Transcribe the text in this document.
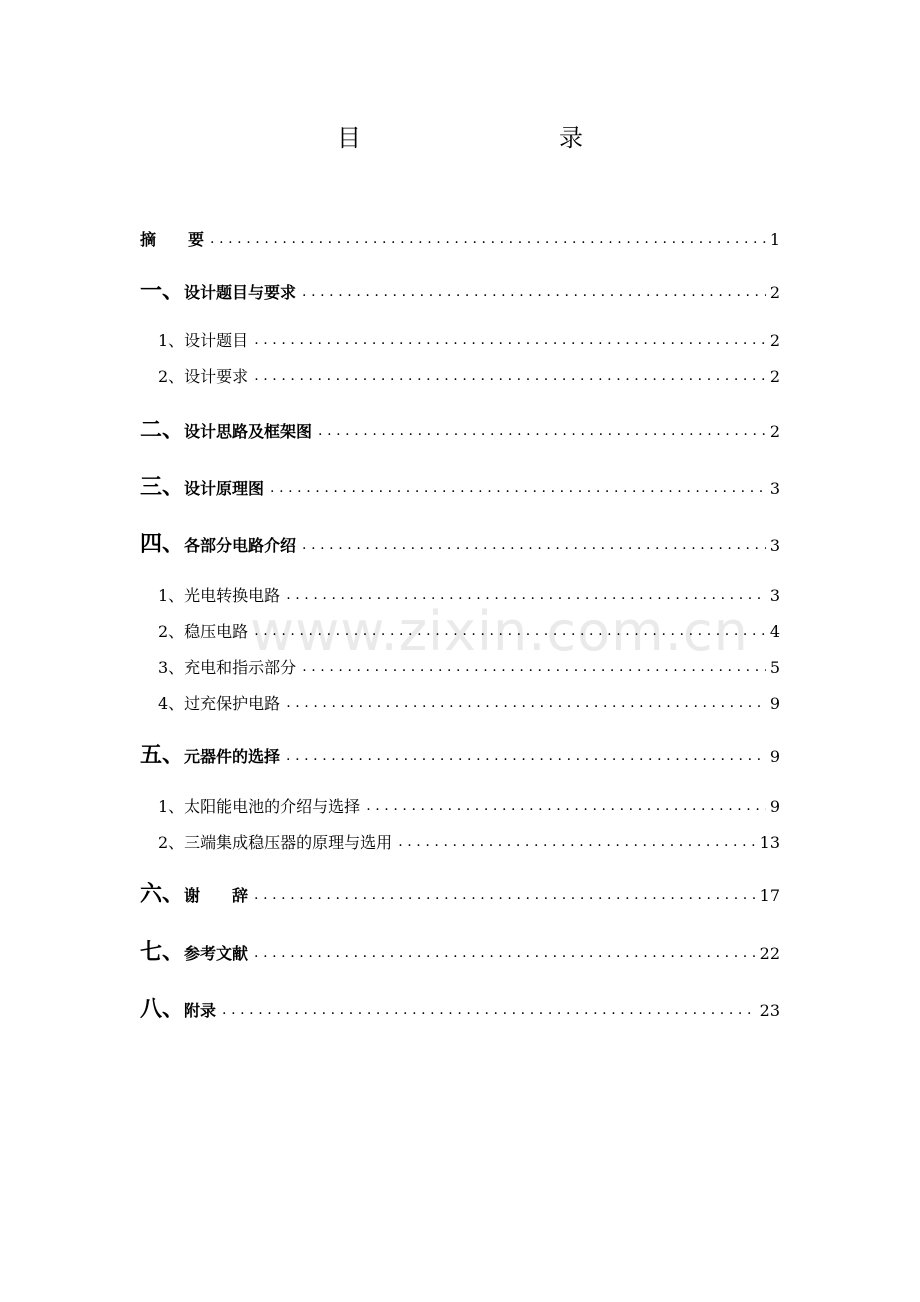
目　　录
www.zixin.com.cn
摘　　要 .....	1
一、 设计题目与要求 .....	2
1、设计题目 .....	2
2、设计要求 .....	2
二、 设计思路及框架图 .....	2
三、 设计原理图 .....	3
四、 各部分电路介绍 .....	3
1、光电转换电路 .....	3
2、稳压电路 .....	4
3、充电和指示部分 .....	5
4、过充保护电路 .....	9
五、 元器件的选择 .....	9
1、太阳能电池的介绍与选择 .....	9
2、三端集成稳压器的原理与选用 .....	13
六、 谢　　辞 .....	17
七、 参考文献 .....	22
八、 附录 .....	23
